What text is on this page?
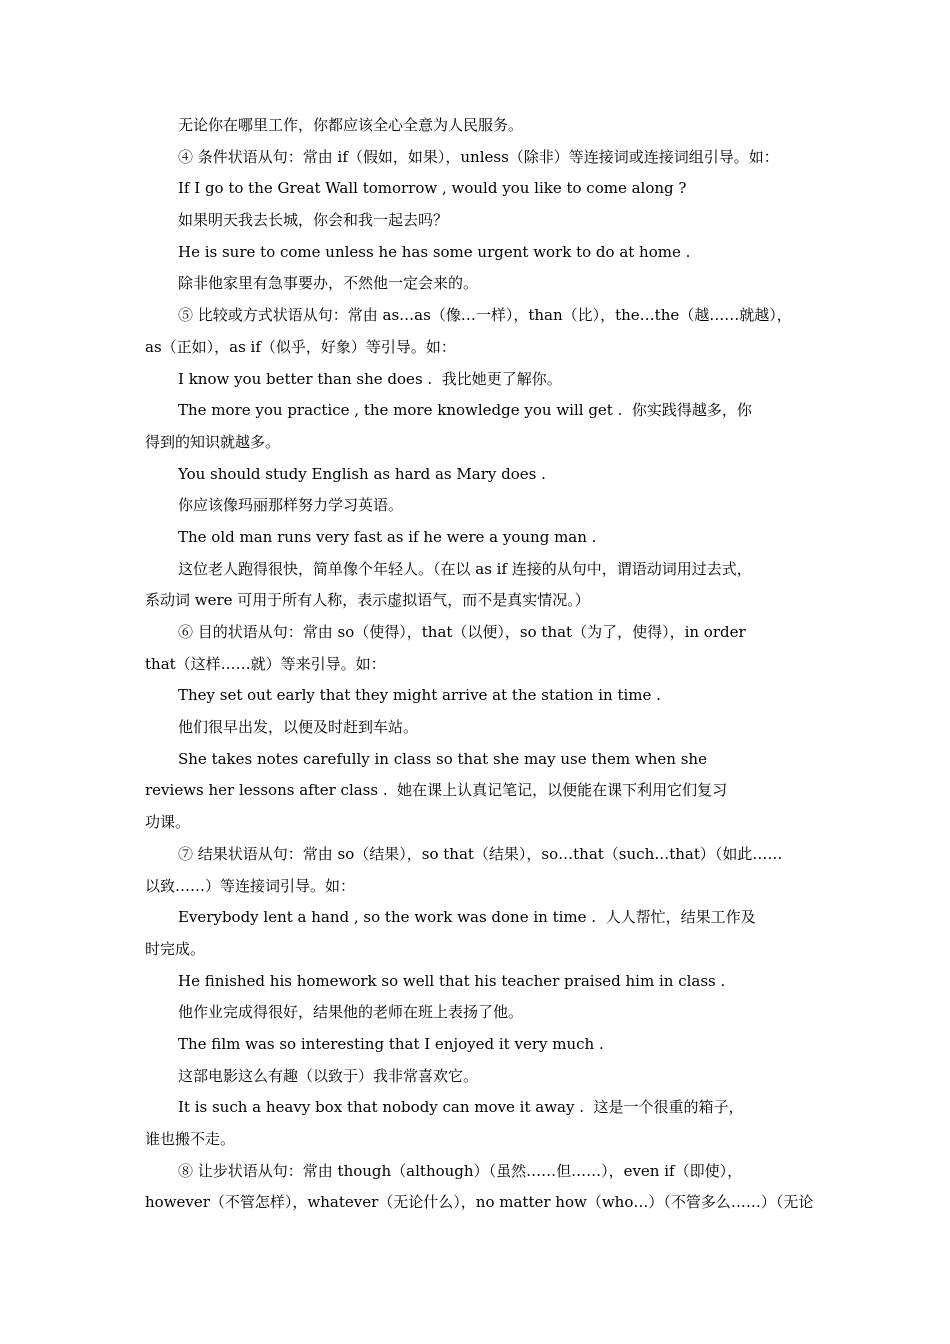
无论你在哪里工作，你都应该全心全意为人民服务。
④ 条件状语从句：常由 if（假如，如果），unless（除非）等连接词或连接词组引导。如：
If I go to the Great Wall tomorrow , would you like to come along ?
如果明天我去长城，你会和我一起去吗？
He is sure to come unless he has some urgent work to do at home .
除非他家里有急事要办，不然他一定会来的。
⑤ 比较或方式状语从句：常由 as…as（像…一样），than（比），the…the（越……就越），
as（正如），as if（似乎，好象）等引导。如：
I know you better than she does .  我比她更了解你。
The more you practice , the more knowledge you will get .  你实践得越多，你
得到的知识就越多。
You should study English as hard as Mary does .
你应该像玛丽那样努力学习英语。
The old man runs very fast as if he were a young man .
这位老人跑得很快，简单像个年轻人。（在以 as if 连接的从句中，谓语动词用过去式，
系动词 were 可用于所有人称，表示虚拟语气，而不是真实情况。）
⑥ 目的状语从句：常由 so（使得），that（以便），so that（为了，使得），in order
that（这样……就）等来引导。如：
They set out early that they might arrive at the station in time .
他们很早出发，以便及时赶到车站。
She takes notes carefully in class so that she may use them when she
reviews her lessons after class .  她在课上认真记笔记，以便能在课下利用它们复习
功课。
⑦ 结果状语从句：常由 so（结果），so that（结果），so…that（such…that）（如此……
以致……）等连接词引导。如：
Everybody lent a hand , so the work was done in time .  人人帮忙，结果工作及
时完成。
He finished his homework so well that his teacher praised him in class .
他作业完成得很好，结果他的老师在班上表扬了他。
The film was so interesting that I enjoyed it very much .
这部电影这么有趣（以致于）我非常喜欢它。
It is such a heavy box that nobody can move it away .  这是一个很重的箱子，
谁也搬不走。
⑧ 让步状语从句：常由 though（although）（虽然……但……），even if（即使），
however（不管怎样），whatever（无论什么），no matter how（who…）（不管多么……）（无论
